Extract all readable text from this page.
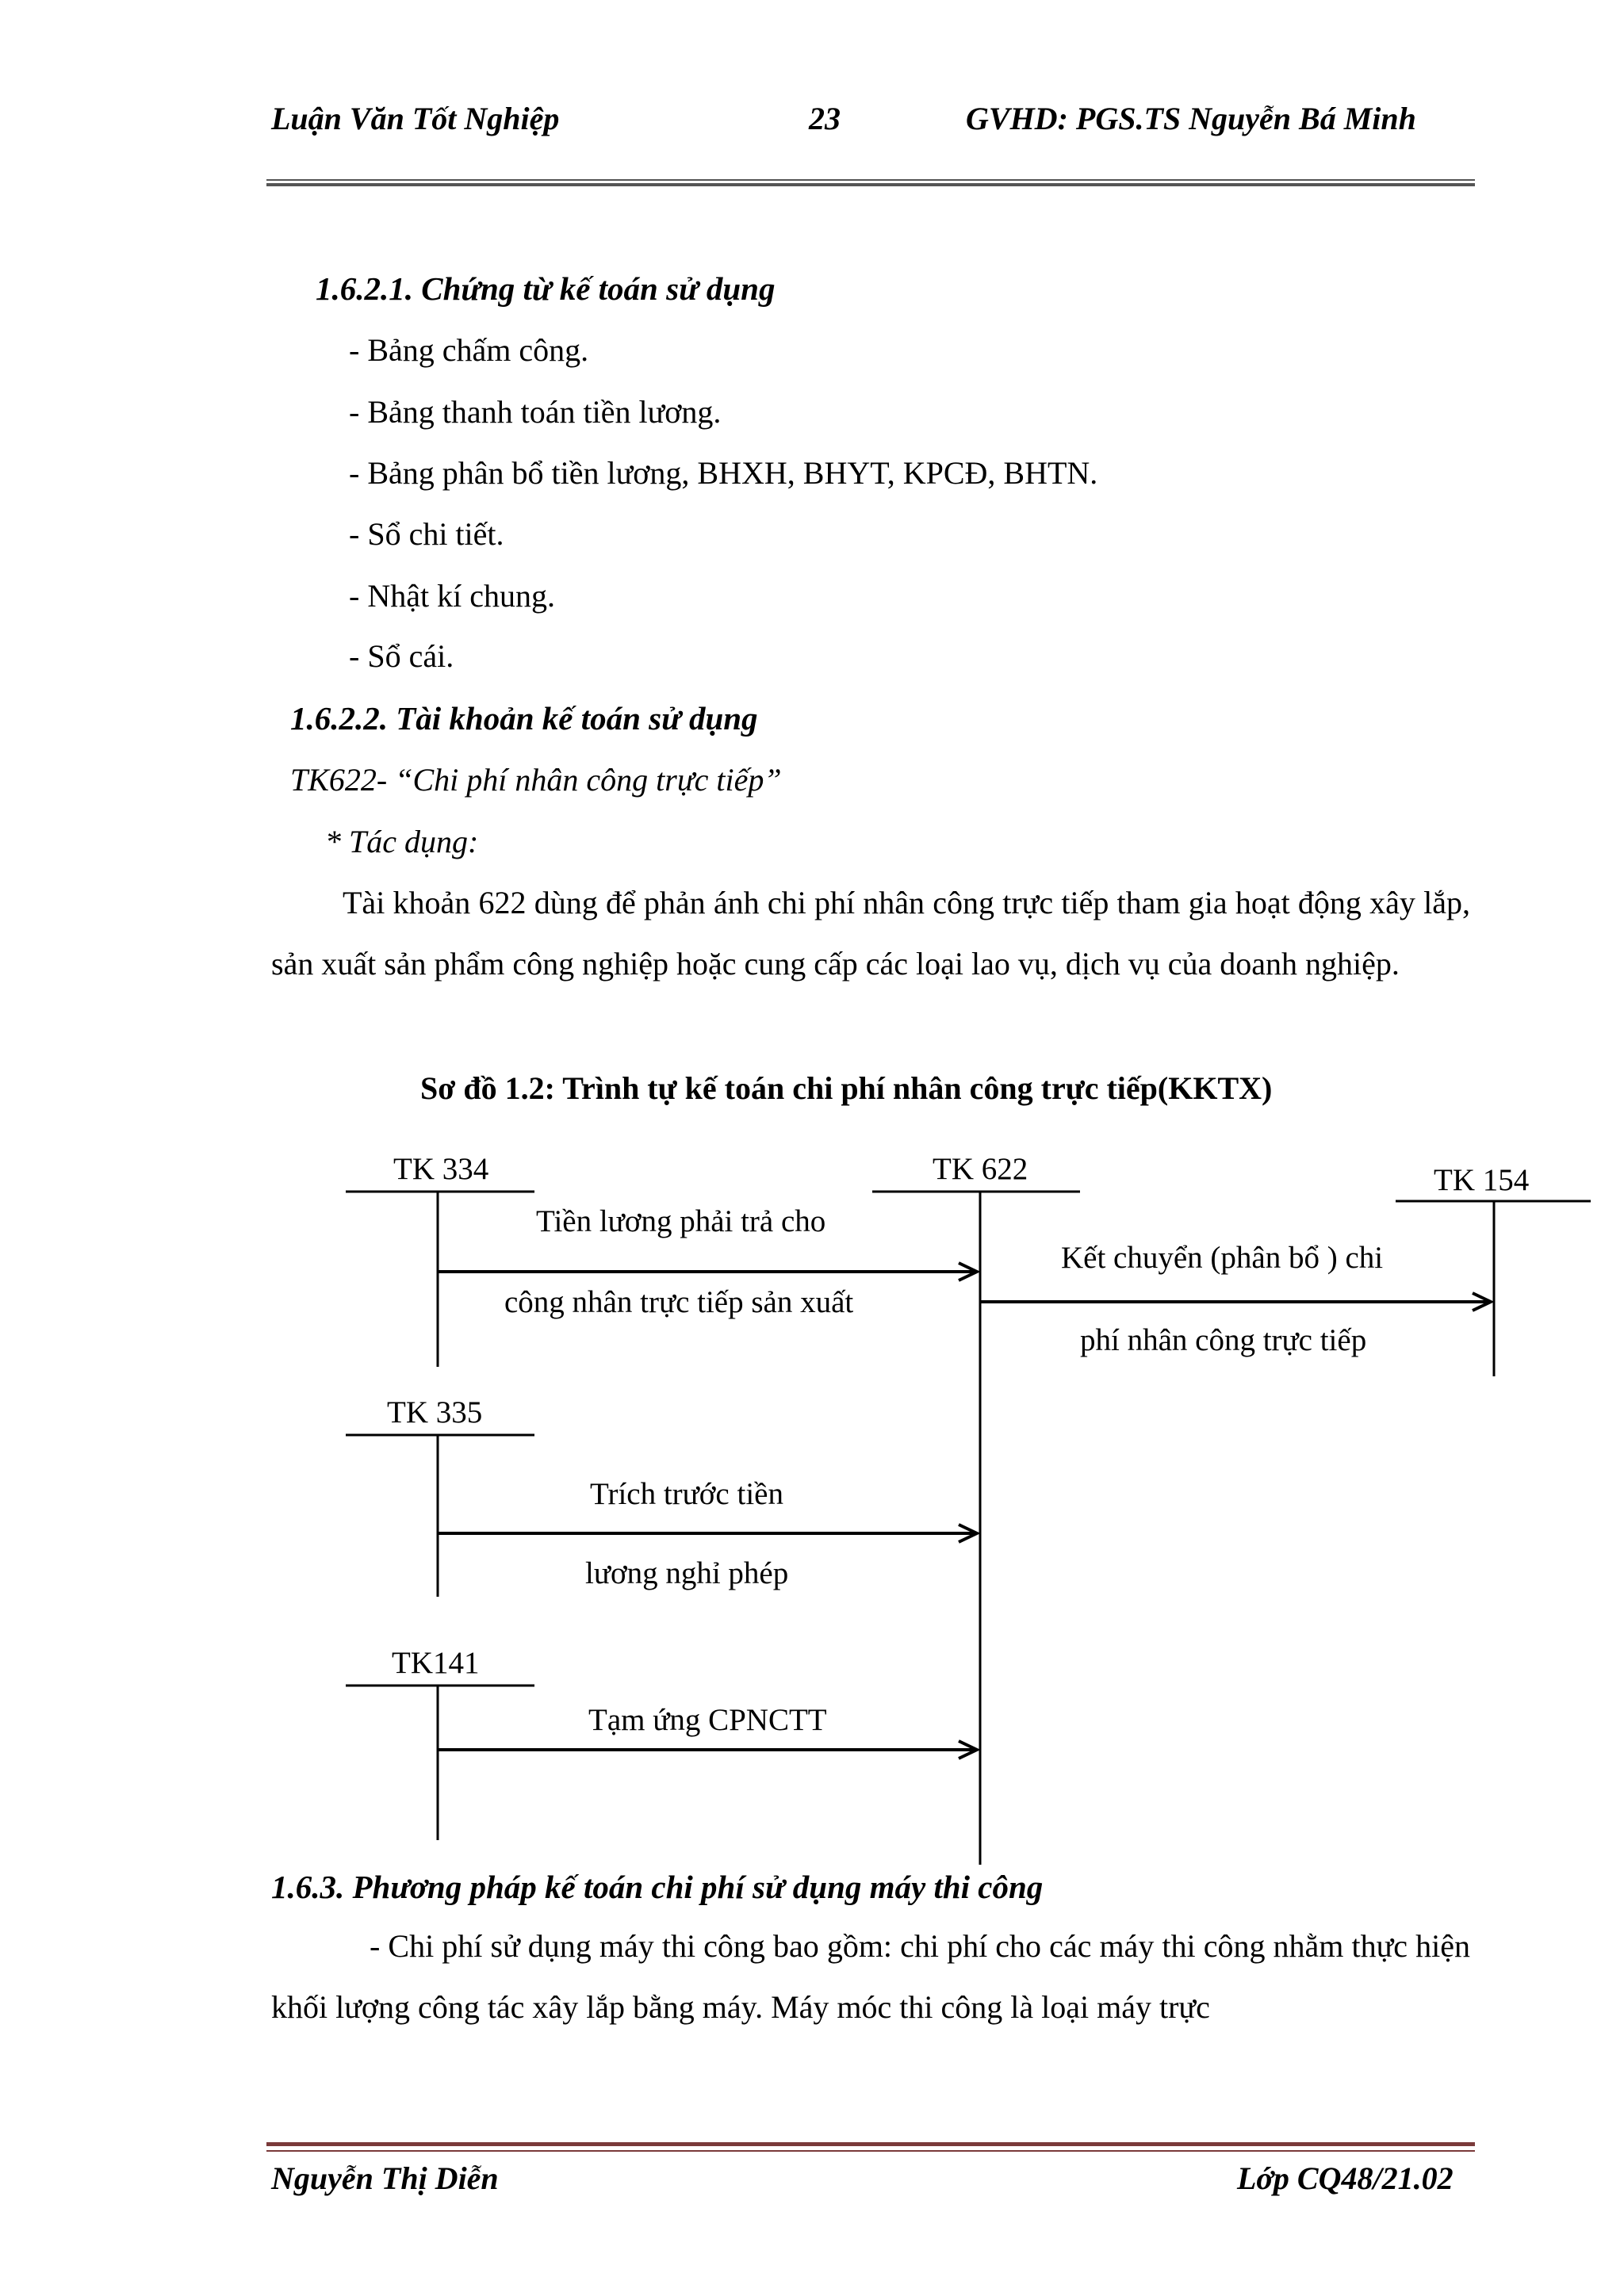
Luận Văn Tốt Nghiệp	23	GVHD: PGS.TS Nguyễn Bá Minh
1.6.2.1. Chứng từ kế toán sử dụng
- Bảng chấm công.
- Bảng thanh toán tiền lương.
- Bảng phân bổ tiền lương, BHXH, BHYT, KPCĐ, BHTN.
- Sổ chi tiết.
- Nhật kí chung.
- Sổ cái.
1.6.2.2. Tài khoản kế toán sử dụng
TK622- “Chi phí nhân công trực tiếp”
* Tác dụng:
Tài khoản 622 dùng để phản ánh chi phí nhân công trực tiếp tham gia hoạt động xây lắp, sản xuất sản phẩm công nghiệp hoặc cung cấp các loại lao vụ, dịch vụ của doanh nghiệp.
Sơ đồ 1.2: Trình tự kế toán chi phí nhân công trực tiếp(KKTX)
TK 334	TK 622	TK 154
TK 335
TK141
Tiền lương phải trả cho
công nhân trực tiếp sản xuất
Kết chuyển (phân bổ ) chi
phí nhân công trực tiếp
Trích trước tiền
lương nghỉ phép
Tạm ứng CPNCTT
1.6.3. Phương pháp kế toán chi phí sử dụng máy thi công
- Chi phí sử dụng máy thi công bao gồm: chi phí cho các máy thi công nhằm thực hiện khối lượng công tác xây lắp bằng máy. Máy móc thi công là loại máy trực
Nguyễn Thị Diễn	Lớp CQ48/21.02
